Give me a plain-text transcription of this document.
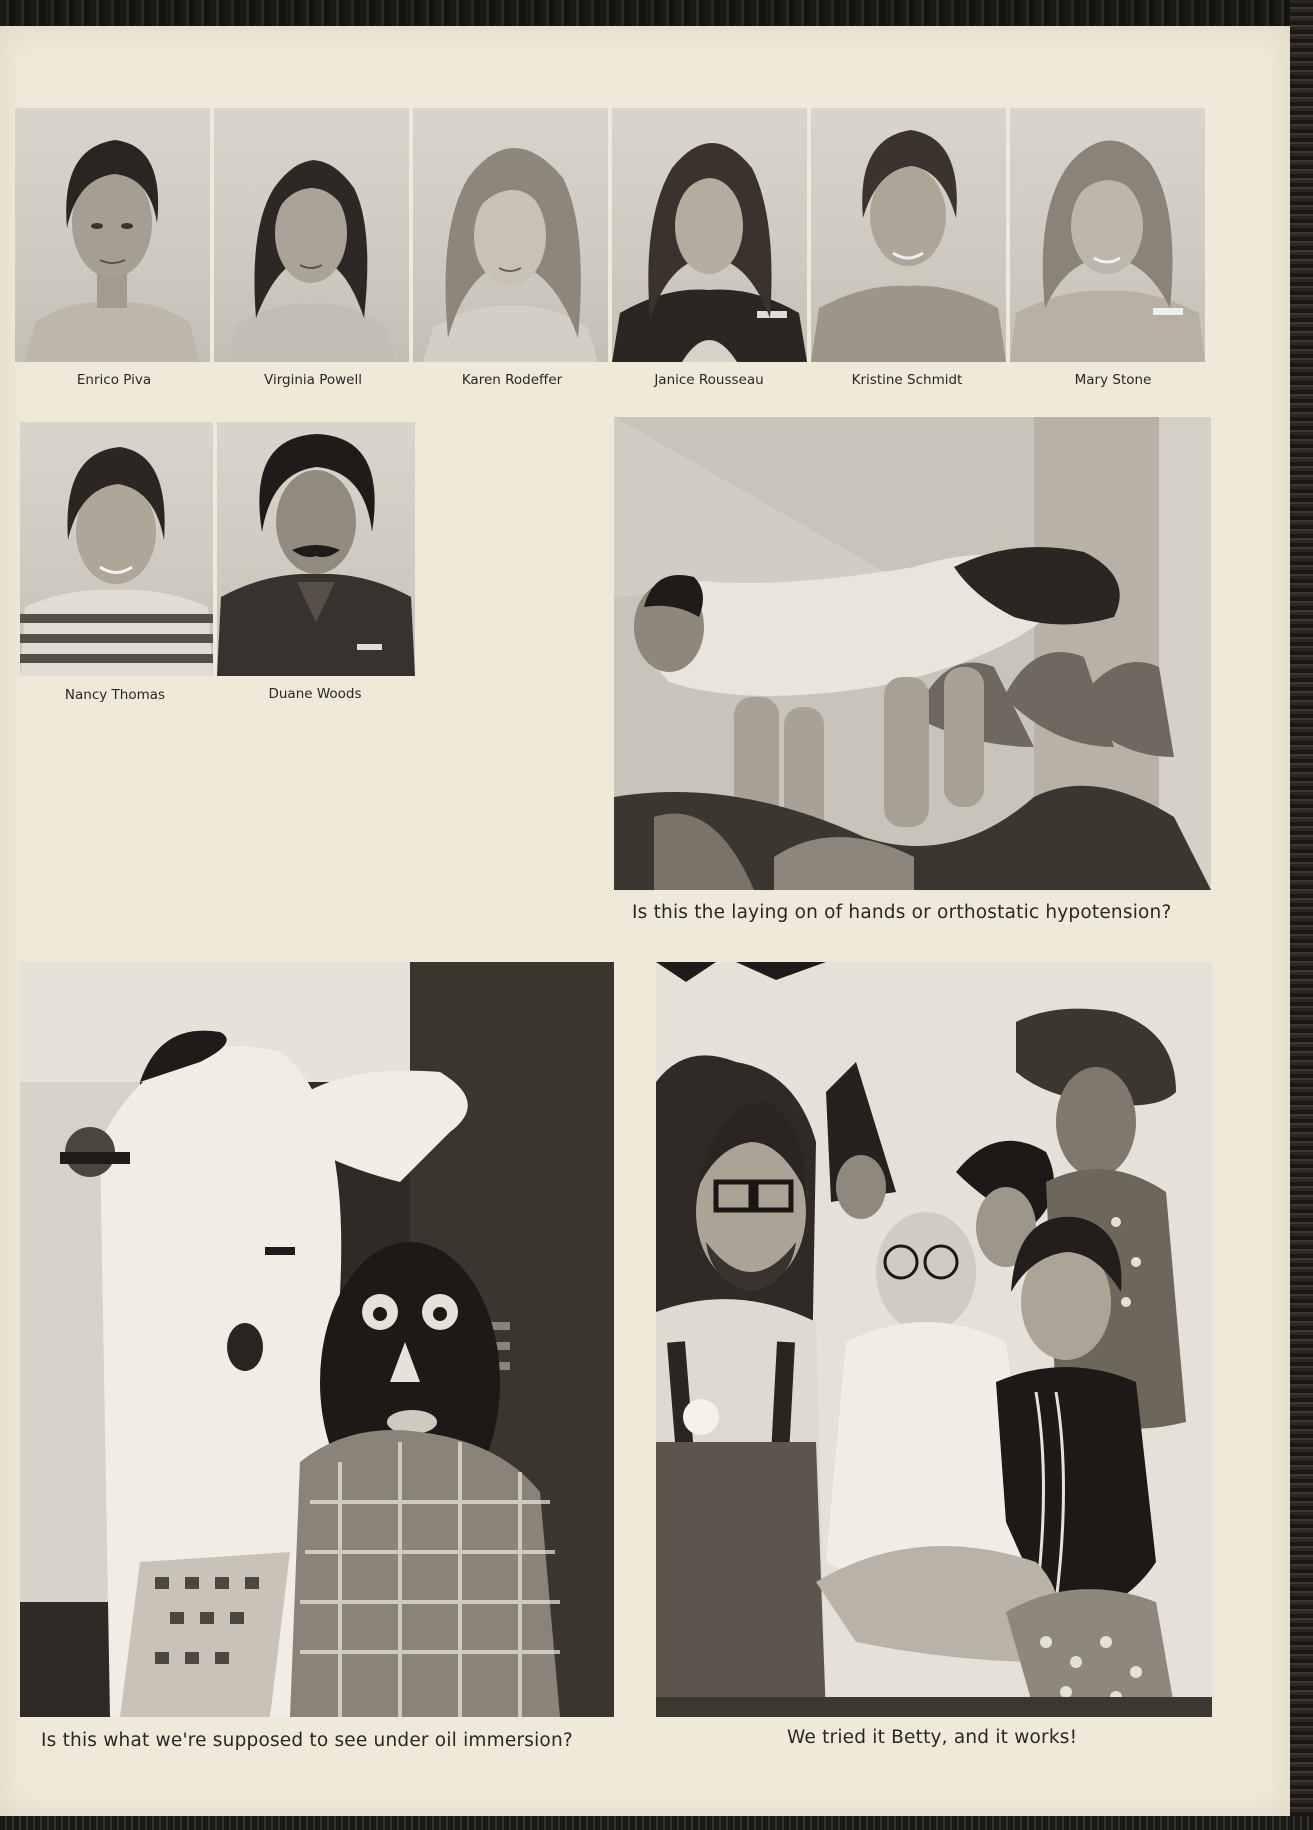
Enrico Piva	Virginia Powell	Karen Rodeffer	Janice Rousseau	Kristine Schmidt	Mary Stone
Nancy Thomas	Duane Woods
Is this the laying on of hands or orthostatic hypotension?
Is this what we're supposed to see under oil immersion?	We tried it Betty, and it works!
